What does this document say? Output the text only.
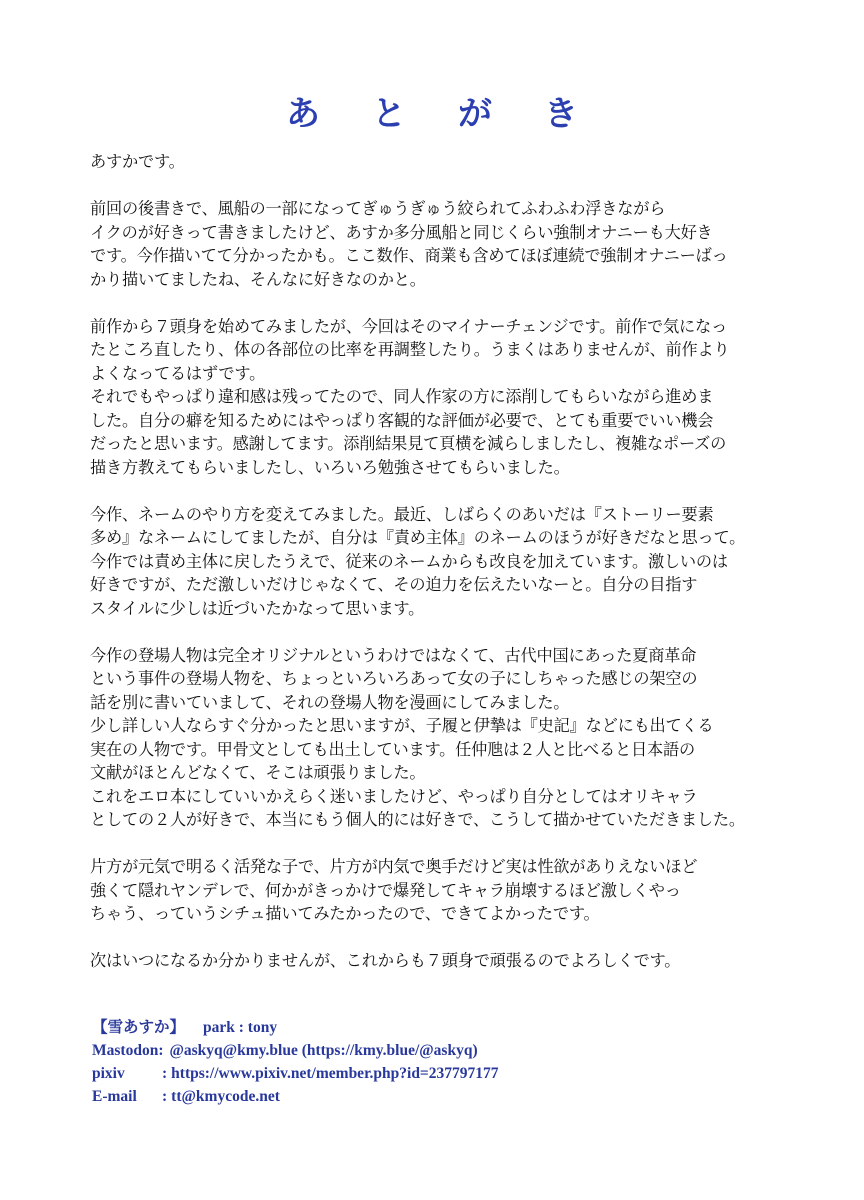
あ	と	が	き
あすかです。
前回の後書きで、風船の一部になってぎゅうぎゅう絞られてふわふわ浮きながら
イクのが好きって書きましたけど、あすか多分風船と同じくらい強制オナニーも大好き
です。今作描いてて分かったかも。ここ数作、商業も含めてほぼ連続で強制オナニーばっ
かり描いてましたね、そんなに好きなのかと。
前作から７頭身を始めてみましたが、今回はそのマイナーチェンジです。前作で気になっ
たところ直したり、体の各部位の比率を再調整したり。うまくはありませんが、前作より
よくなってるはずです。
それでもやっぱり違和感は残ってたので、同人作家の方に添削してもらいながら進めま
した。自分の癖を知るためにはやっぱり客観的な評価が必要で、とても重要でいい機会
だったと思います。感謝してます。添削結果見て頁横を減らしましたし、複雑なポーズの
描き方教えてもらいましたし、いろいろ勉強させてもらいました。
今作、ネームのやり方を変えてみました。最近、しばらくのあいだは『ストーリー要素
多め』なネームにしてましたが、自分は『責め主体』のネームのほうが好きだなと思って。
今作では責め主体に戻したうえで、従来のネームからも改良を加えています。激しいのは
好きですが、ただ激しいだけじゃなくて、その迫力を伝えたいなーと。自分の目指す
スタイルに少しは近づいたかなって思います。
今作の登場人物は完全オリジナルというわけではなくて、古代中国にあった夏商革命
という事件の登場人物を、ちょっといろいろあって女の子にしちゃった感じの架空の
話を別に書いていまして、それの登場人物を漫画にしてみました。
少し詳しい人ならすぐ分かったと思いますが、子履と伊摯は『史記』などにも出てくる
実在の人物です。甲骨文としても出土しています。任仲虺は２人と比べると日本語の
文献がほとんどなくて、そこは頑張りました。
これをエロ本にしていいかえらく迷いましたけど、やっぱり自分としてはオリキャラ
としての２人が好きで、本当にもう個人的には好きで、こうして描かせていただきました。
片方が元気で明るく活発な子で、片方が内気で奥手だけど実は性欲がありえないほど
強くて隠れヤンデレで、何かがきっかけで爆発してキャラ崩壊するほど激しくやっ
ちゃう、っていうシチュ描いてみたかったので、できてよかったです。
次はいつになるか分かりませんが、これからも７頭身で頑張るのでよろしくです。
【雪あすか】 park : tony
Mastodon: @askyq@kmy.blue (https://kmy.blue/@askyq)
pixiv	: https://www.pixiv.net/member.php?id=237797177
E-mail	: tt@kmycode.net
